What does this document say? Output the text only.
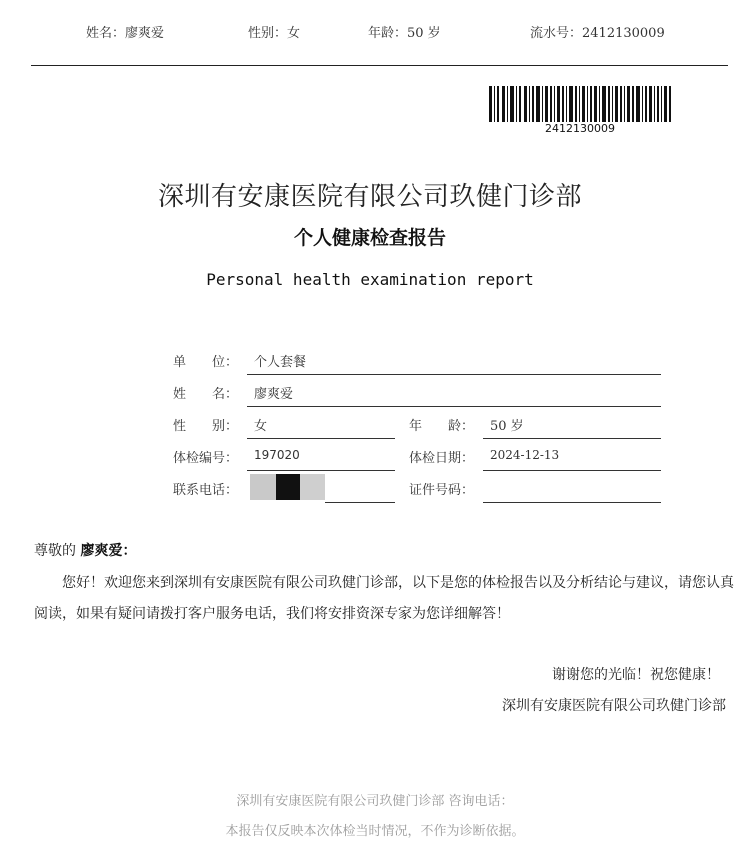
姓名：廖爽爱	性别：女	年龄：50 岁	流水号：2412130009
2412130009
深圳有安康医院有限公司玖健门诊部
个人健康检查报告
Personal health examination report
单　　位： 个人套餐
姓　　名： 廖爽爱
性　　别： 女	年　　龄： 50 岁
体检编号： 197020	体检日期： 2024-12-13
联系电话：	证件号码：
尊敬的 廖爽爱：
您好！欢迎您来到深圳有安康医院有限公司玖健门诊部，以下是您的体检报告以及分析结论与建议，请您认真阅读，如果有疑问请拨打客户服务电话，我们将安排资深专家为您详细解答！
谢谢您的光临！祝您健康！
深圳有安康医院有限公司玖健门诊部
深圳有安康医院有限公司玖健门诊部 咨询电话：
本报告仅反映本次体检当时情况，不作为诊断依据。
